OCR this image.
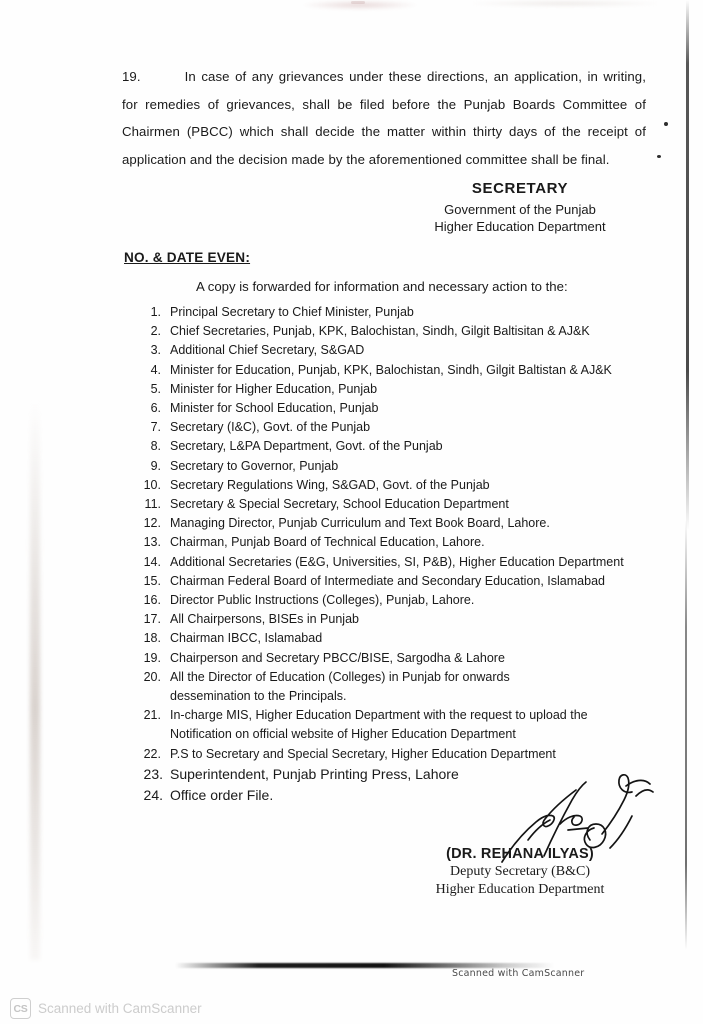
19.	In case of any grievances under these directions, an application, in writing, for remedies of grievances, shall be filed before the Punjab Boards Committee of Chairmen (PBCC) which shall decide the matter within thirty days of the receipt of application and the decision made by the aforementioned committee shall be final.
SECRETARY
Government of the Punjab
Higher Education Department
NO. & DATE EVEN:
A copy is forwarded for information and necessary action to the:
1. Principal Secretary to Chief Minister, Punjab
2. Chief Secretaries, Punjab, KPK, Balochistan, Sindh, Gilgit Baltisitan & AJ&K
3. Additional Chief Secretary, S&GAD
4. Minister for Education, Punjab, KPK, Balochistan, Sindh, Gilgit Baltistan & AJ&K
5. Minister for Higher Education, Punjab
6. Minister for School Education, Punjab
7. Secretary (I&C), Govt. of the Punjab
8. Secretary, L&PA Department, Govt. of the Punjab
9. Secretary to Governor, Punjab
10. Secretary Regulations Wing, S&GAD, Govt. of the Punjab
11. Secretary & Special Secretary, School Education Department
12. Managing Director, Punjab Curriculum and Text Book Board, Lahore.
13. Chairman, Punjab Board of Technical Education, Lahore.
14. Additional Secretaries (E&G, Universities, SI, P&B), Higher Education Department
15. Chairman Federal Board of Intermediate and Secondary Education, Islamabad
16. Director Public Instructions (Colleges), Punjab, Lahore.
17. All Chairpersons, BISEs in Punjab
18. Chairman IBCC, Islamabad
19. Chairperson and Secretary PBCC/BISE, Sargodha & Lahore
20. All the Director of Education (Colleges) in Punjab for onwards
dessemination to the Principals.
21. In-charge MIS, Higher Education Department with the request to upload the
Notification on official website of Higher Education Department
22. P.S to Secretary and Special Secretary, Higher Education Department
23. Superintendent, Punjab Printing Press, Lahore
24. Office order File.
(DR. REHANA ILYAS)
Deputy Secretary (B&C)
Higher Education Department
Scanned with CamScanner
CS Scanned with CamScanner
